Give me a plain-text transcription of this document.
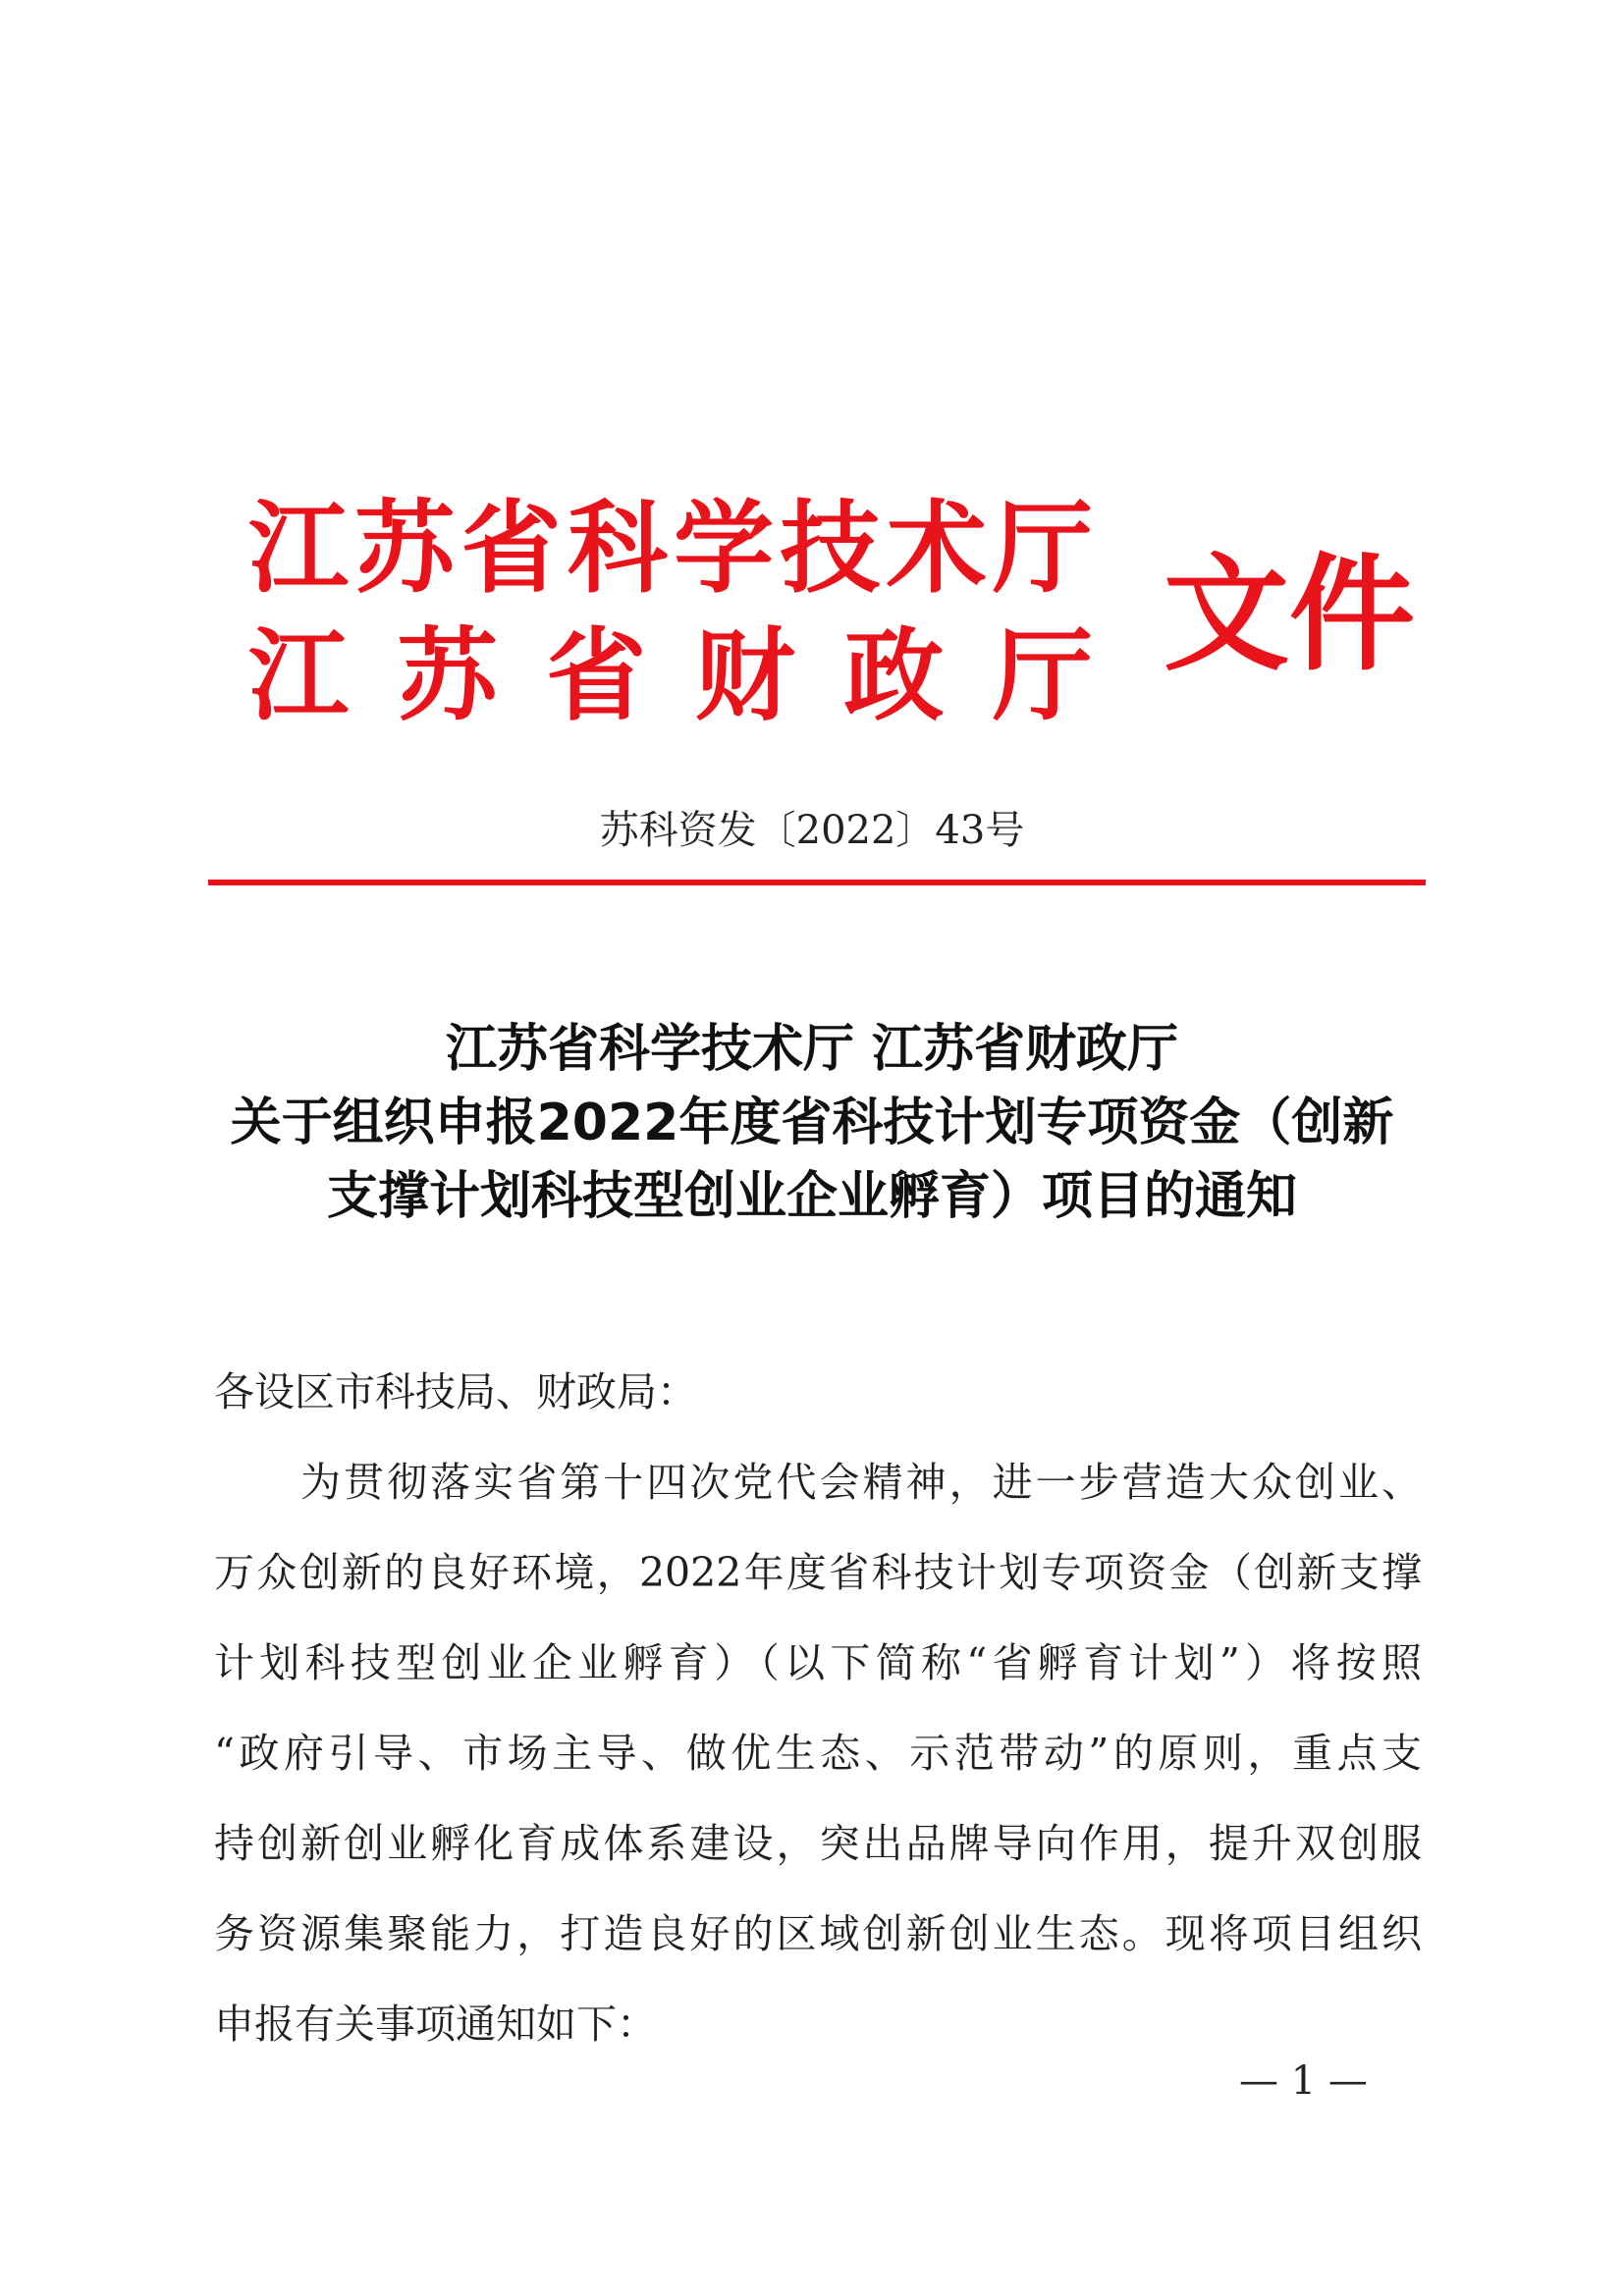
江 苏 省 科 学 技 术 厅
江 苏 省 财 政 厅 文件
苏科资发〔2022〕43号
江苏省科学技术厅 江苏省财政厅
关于组织申报2022年度省科技计划专项资金（创新
支撑计划科技型创业企业孵育）项目的通知
各设区市科技局、财政局：
为贯彻落实省第十四次党代会精神，进一步营造大众创业、
万众创新的良好环境，2022年度省科技计划专项资金（创新支撑
计划科技型创业企业孵育）（以下简称“省孵育计划”）将按照
“政府引导、市场主导、做优生态、示范带动”的原则，重点支
持创新创业孵化育成体系建设，突出品牌导向作用，提升双创服
务资源集聚能力，打造良好的区域创新创业生态。现将项目组织
申报有关事项通知如下：
— 1 —
